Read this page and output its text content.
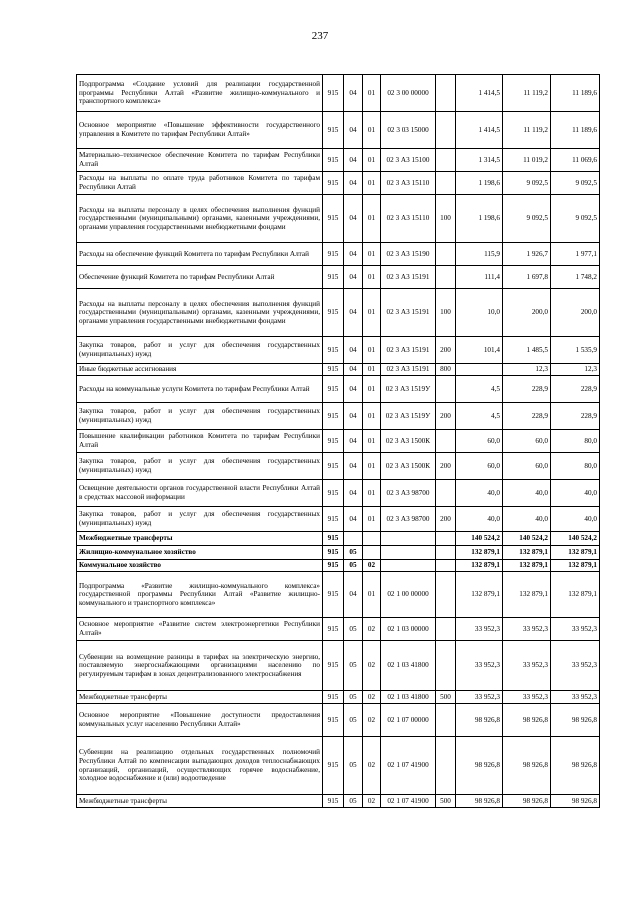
237
Подпрограмма «Создание условий для реализации государственной программы Республики Алтай «Развитие жилищно-коммунального и транспортного комплекса»	915	04	01	02 3 00 00000		1 414,5	11 119,2	11 189,6
Основное мероприятие «Повышение эффективности государственного управления в Комитете по тарифам Республики Алтай»	915	04	01	02 3 03 15000		1 414,5	11 119,2	11 189,6
Материально–техническое обеспечение Комитета по тарифам Республики Алтай	915	04	01	02 3 А3 15100		1 314,5	11 019,2	11 069,6
Расходы на выплаты по оплате труда работников Комитета по тарифам Республики Алтай	915	04	01	02 3 А3 15110		1 198,6	9 092,5	9 092,5
Расходы на выплаты персоналу в целях обеспечения выполнения функций государственными (муниципальными) органами, казенными учреждениями, органами управления государственными внебюджетными фондами	915	04	01	02 3 А3 15110	100	1 198,6	9 092,5	9 092,5
Расходы на обеспечение функций Комитета по тарифам Республики Алтай	915	04	01	02 3 А3 15190		115,9	1 926,7	1 977,1
Обеспечение функций Комитета по тарифам Республики Алтай	915	04	01	02 3 А3 15191		111,4	1 697,8	1 748,2
Расходы на выплаты персоналу в целях обеспечения выполнения функций государственными (муниципальными) органами, казенными учреждениями, органами управления государственными внебюджетными фондами	915	04	01	02 3 А3 15191	100	10,0	200,0	200,0
Закупка товаров, работ и услуг для обеспечения государственных (муниципальных) нужд	915	04	01	02 3 А3 15191	200	101,4	1 485,5	1 535,9
Иные бюджетные ассигнования	915	04	01	02 3 А3 15191	800		12,3	12,3
Расходы на коммунальные услуги Комитета по тарифам Республики Алтай	915	04	01	02 3 А3 1519У		4,5	228,9	228,9
Закупка товаров, работ и услуг для обеспечения государственных (муниципальных) нужд	915	04	01	02 3 А3 1519У	200	4,5	228,9	228,9
Повышение квалификации работников Комитета по тарифам Республики Алтай	915	04	01	02 3 А3 1500К		60,0	60,0	80,0
Закупка товаров, работ и услуг для обеспечения государственных (муниципальных) нужд	915	04	01	02 3 А3 1500К	200	60,0	60,0	80,0
Освещение деятельности органов государственной власти Республики Алтай в средствах массовой информации	915	04	01	02 3 А3 98700		40,0	40,0	40,0
Закупка товаров, работ и услуг для обеспечения государственных (муниципальных) нужд	915	04	01	02 3 А3 98700	200	40,0	40,0	40,0
Межбюджетные трансферты	915					140 524,2	140 524,2	140 524,2
Жилищно-коммунальное хозяйство	915	05				132 879,1	132 879,1	132 879,1
Коммунальное хозяйство	915	05	02			132 879,1	132 879,1	132 879,1
Подпрограмма «Развитие жилищно-коммунального комплекса» государственной программы Республики Алтай «Развитие жилищно-коммунального и транспортного комплекса»	915	04	01	02 1 00 00000		132 879,1	132 879,1	132 879,1
Основное мероприятие «Развитие систем электроэнергетики Республики Алтай»	915	05	02	02 1 03 00000		33 952,3	33 952,3	33 952,3
Субвенции на возмещение разницы в тарифах на электрическую энергию, поставляемую энергоснабжающими организациями населению по регулируемым тарифам в зонах децентрализованного электроснабжения	915	05	02	02 1 03 41800		33 952,3	33 952,3	33 952,3
Межбюджетные трансферты	915	05	02	02 1 03 41800	500	33 952,3	33 952,3	33 952,3
Основное мероприятие «Повышение доступности предоставления коммунальных услуг населению Республики Алтай»	915	05	02	02 1 07 00000		98 926,8	98 926,8	98 926,8
Субвенции на реализацию отдельных государственных полномочий Республики Алтай по компенсации выпадающих доходов теплоснабжающих организаций, организаций, осуществляющих горячее водоснабжение, холодное водоснабжение и (или) водоотведение	915	05	02	02 1 07 41900		98 926,8	98 926,8	98 926,8
Межбюджетные трансферты	915	05	02	02 1 07 41900	500	98 926,8	98 926,8	98 926,8
